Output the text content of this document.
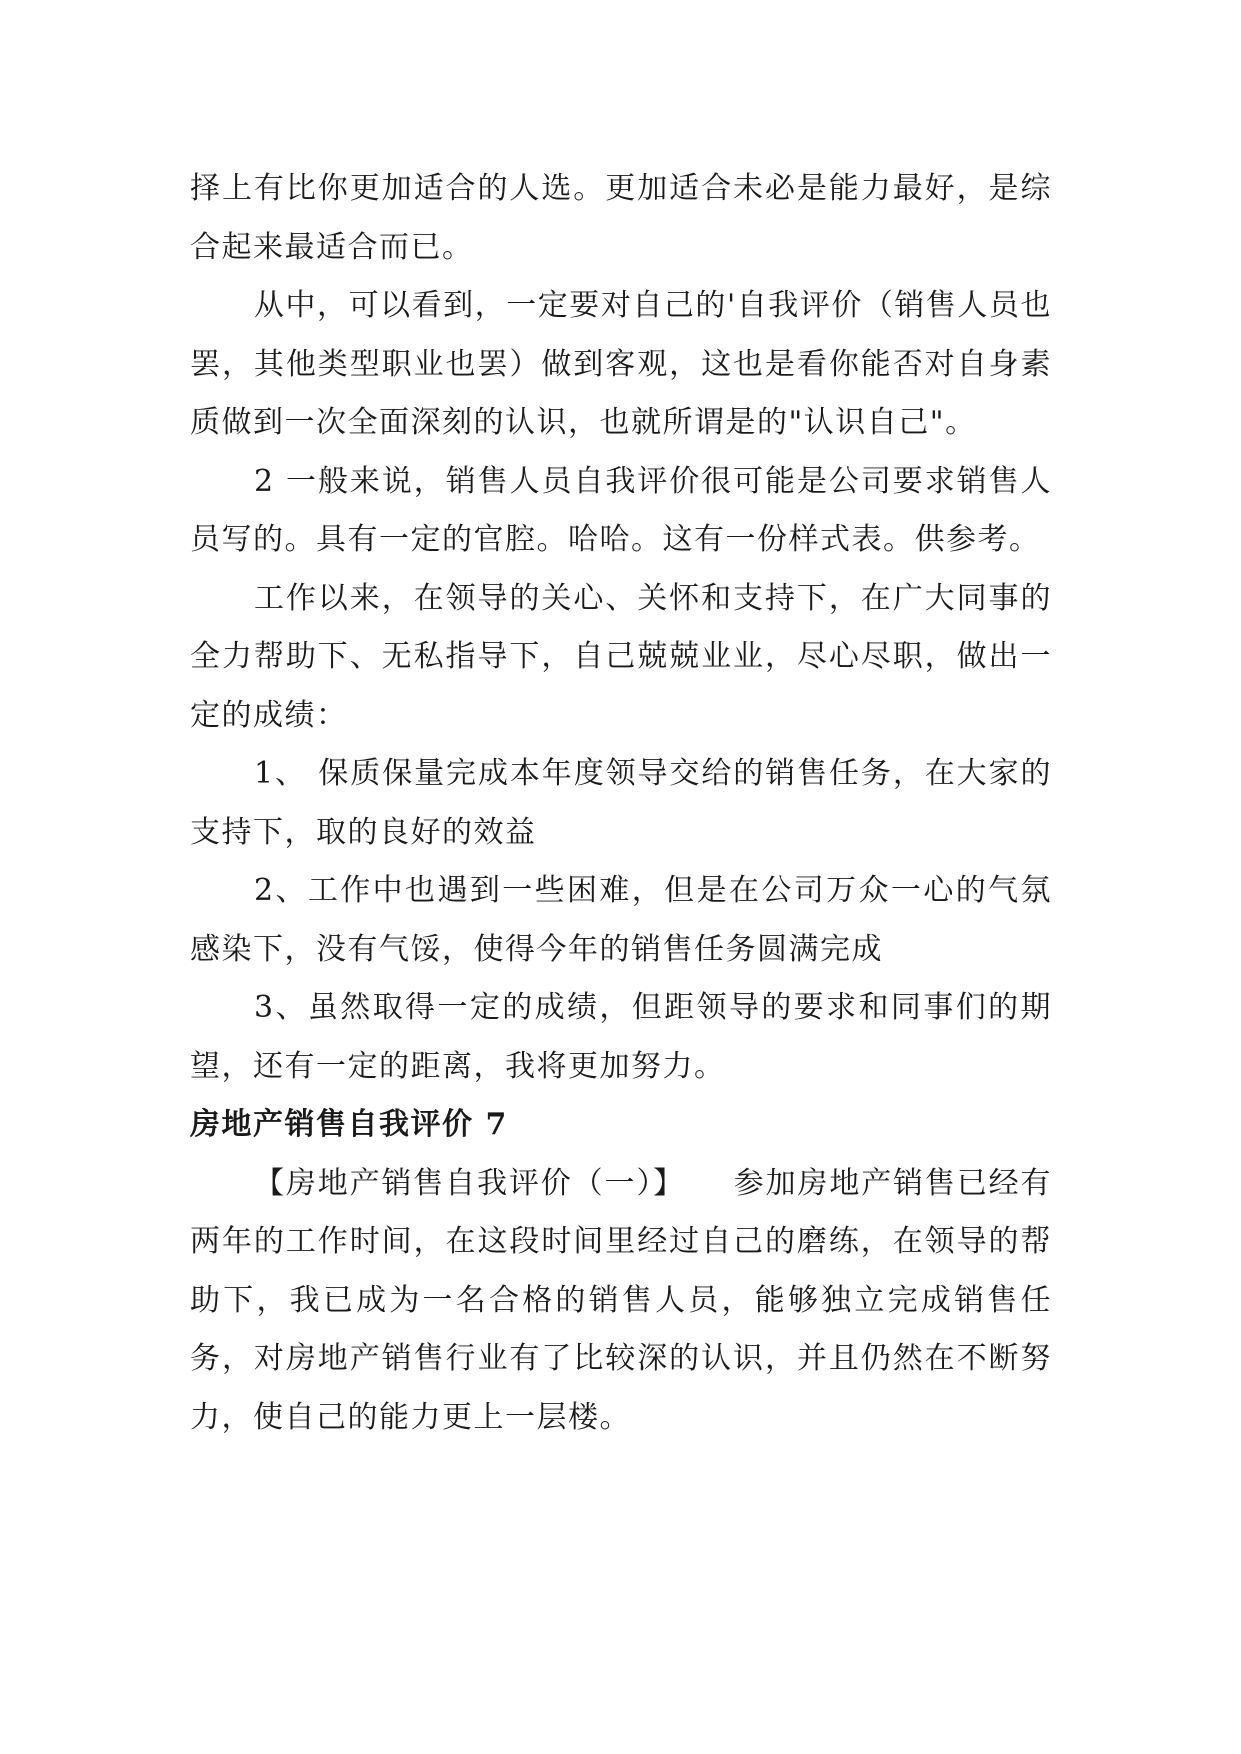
择上有比你更加适合的人选。更加适合未必是能力最好，是综合起来最适合而已。

从中，可以看到，一定要对自己的'自我评价（销售人员也罢，其他类型职业也罢）做到客观，这也是看你能否对自身素质做到一次全面深刻的认识，也就所谓是的"认识自己"。

2 一般来说，销售人员自我评价很可能是公司要求销售人员写的。具有一定的官腔。哈哈。这有一份样式表。供参考。

工作以来，在领导的关心、关怀和支持下，在广大同事的全力帮助下、无私指导下，自己兢兢业业，尽心尽职，做出一定的成绩：

1、 保质保量完成本年度领导交给的销售任务，在大家的支持下，取的良好的效益

2、工作中也遇到一些困难，但是在公司万众一心的气氛感染下，没有气馁，使得今年的销售任务圆满完成

3、虽然取得一定的成绩，但距领导的要求和同事们的期望，还有一定的距离，我将更加努力。

房地产销售自我评价 7

【房地产销售自我评价（一）】　　参加房地产销售已经有两年的工作时间，在这段时间里经过自己的磨练，在领导的帮助下，我已成为一名合格的销售人员，能够独立完成销售任务，对房地产销售行业有了比较深的认识，并且仍然在不断努力，使自己的能力更上一层楼。
